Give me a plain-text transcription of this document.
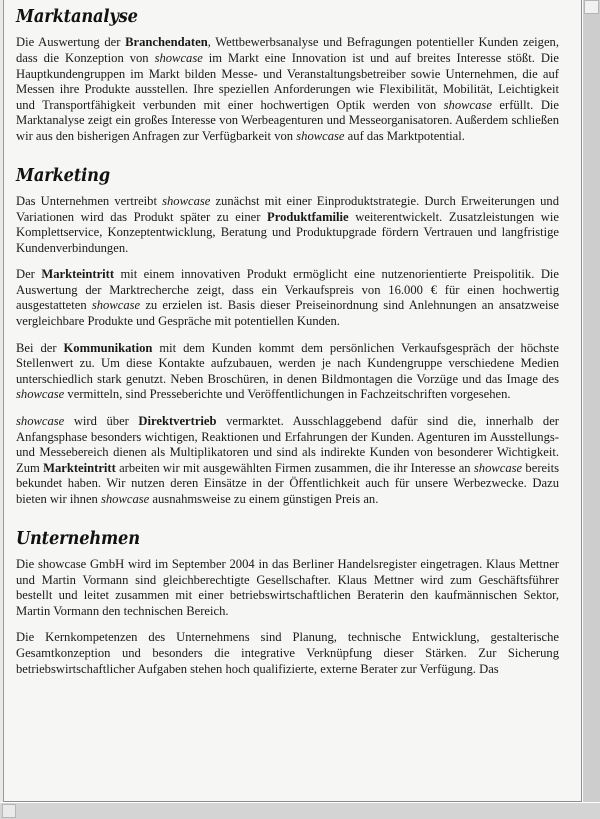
Marktanalyse

Die Auswertung der Branchendaten, Wettbewerbsanalyse und Befragungen potentieller Kunden zeigen, dass die Konzeption von showcase im Markt eine Innovation ist und auf breites Interesse stößt. Die Hauptkundengruppen im Markt bilden Messe- und Veranstaltungsbetreiber sowie Unternehmen, die auf Messen ihre Produkte ausstellen. Ihre speziellen Anforderungen wie Flexibilität, Mobilität, Leichtigkeit und Transportfähigkeit verbunden mit einer hochwertigen Optik werden von showcase erfüllt. Die Marktanalyse zeigt ein großes Interesse von Werbeagenturen und Messeorganisatoren. Außerdem schließen wir aus den bisherigen Anfragen zur Verfügbarkeit von showcase auf das Marktpotential.

Marketing

Das Unternehmen vertreibt showcase zunächst mit einer Einproduktstrategie. Durch Erweiterungen und Variationen wird das Produkt später zu einer Produktfamilie weiterentwickelt. Zusatzleistungen wie Komplettservice, Konzeptentwicklung, Beratung und Produktupgrade fördern Vertrauen und langfristige Kundenverbindungen.

Der Markteintritt mit einem innovativen Produkt ermöglicht eine nutzenorientierte Preispolitik. Die Auswertung der Marktrecherche zeigt, dass ein Verkaufspreis von 16.000 € für einen hochwertig ausgestatteten showcase zu erzielen ist. Basis dieser Preiseinordnung sind Anlehnungen an ansatzweise vergleichbare Produkte und Gespräche mit potentiellen Kunden.

Bei der Kommunikation mit dem Kunden kommt dem persönlichen Verkaufsgespräch der höchste Stellenwert zu. Um diese Kontakte aufzubauen, werden je nach Kundengruppe verschiedene Medien unterschiedlich stark genutzt. Neben Broschüren, in denen Bildmontagen die Vorzüge und das Image des showcase vermitteln, sind Presseberichte und Veröffentlichungen in Fachzeitschriften vorgesehen.

showcase wird über Direktvertrieb vermarktet. Ausschlaggebend dafür sind die, innerhalb der Anfangsphase besonders wichtigen, Reaktionen und Erfahrungen der Kunden. Agenturen im Ausstellungs- und Messebereich dienen als Multiplikatoren und sind als indirekte Kunden von besonderer Wichtigkeit. Zum Markteintritt arbeiten wir mit ausgewählten Firmen zusammen, die ihr Interesse an showcase bereits bekundet haben. Wir nutzen deren Einsätze in der Öffentlichkeit auch für unsere Werbezwecke. Dazu bieten wir ihnen showcase ausnahmsweise zu einem günstigen Preis an.

Unternehmen

Die showcase GmbH wird im September 2004 in das Berliner Handelsregister eingetragen. Klaus Mettner und Martin Vormann sind gleichberechtigte Gesellschafter. Klaus Mettner wird zum Geschäftsführer bestellt und leitet zusammen mit einer betriebswirtschaftlichen Beraterin den kaufmännischen Sektor, Martin Vormann den technischen Bereich.

Die Kernkompetenzen des Unternehmens sind Planung, technische Entwicklung, gestalterische Gesamtkonzeption und besonders die integrative Verknüpfung dieser Stärken. Zur Sicherung betriebswirtschaftlicher Aufgaben stehen hoch qualifizierte, externe Berater zur Verfügung. Das
